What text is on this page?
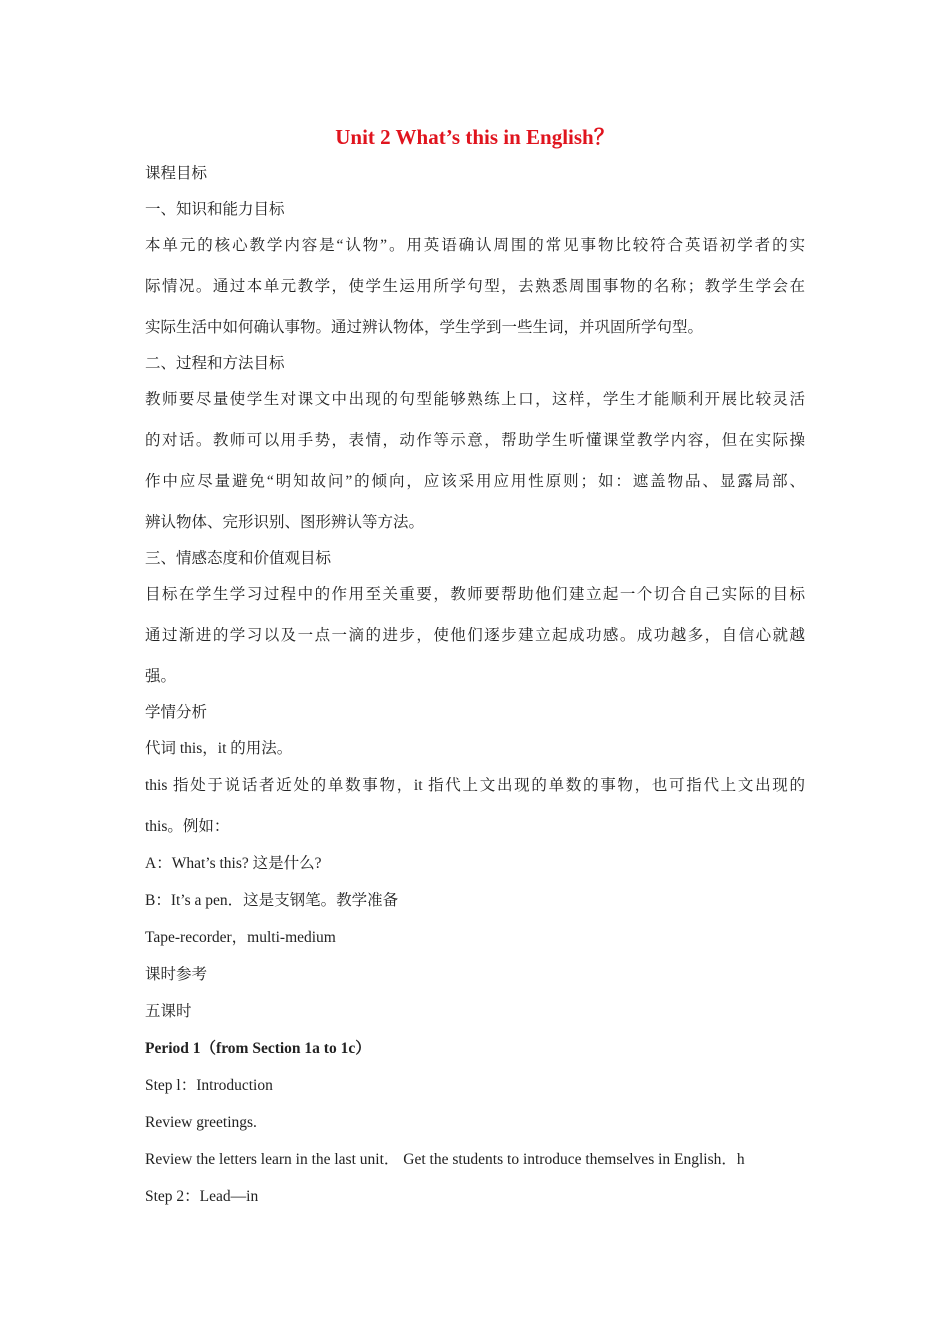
Unit 2 What’s this in English？

课程目标

一、知识和能力目标

本单元的核心教学内容是“认物”。用英语确认周围的常见事物比较符合英语初学者的实

际情况。通过本单元教学，使学生运用所学句型，去熟悉周围事物的名称；教学生学会在

实际生活中如何确认事物。通过辨认物体，学生学到一些生词，并巩固所学句型。

二、过程和方法目标

教师要尽量使学生对课文中出现的句型能够熟练上口，这样，学生才能顺利开展比较灵活

的对话。教师可以用手势，表情，动作等示意，帮助学生听懂课堂教学内容，但在实际操

作中应尽量避免“明知故问”的倾向，应该采用应用性原则；如：遮盖物品、显露局部、

辨认物体、完形识别、图形辨认等方法。

三、情感态度和价值观目标

目标在学生学习过程中的作用至关重要，教师要帮助他们建立起一个切合自己实际的目标

通过渐进的学习以及一点一滴的进步，使他们逐步建立起成功感。成功越多，自信心就越

强。

学情分析

代词 this，it 的用法。

this 指处于说话者近处的单数事物，it 指代上文出现的单数的事物，也可指代上文出现的

this。例如：

A：What’s this? 这是什么?

B：It’s a pen．这是支钢笔。教学准备

Tape-recorder，multi-medium

课时参考

五课时

Period 1（from Section 1a to 1c）

Step l：Introduction

Review greetings.

Review the letters learn in the last unit． Get the students to introduce themselves in English．h

Step 2：Lead—in
